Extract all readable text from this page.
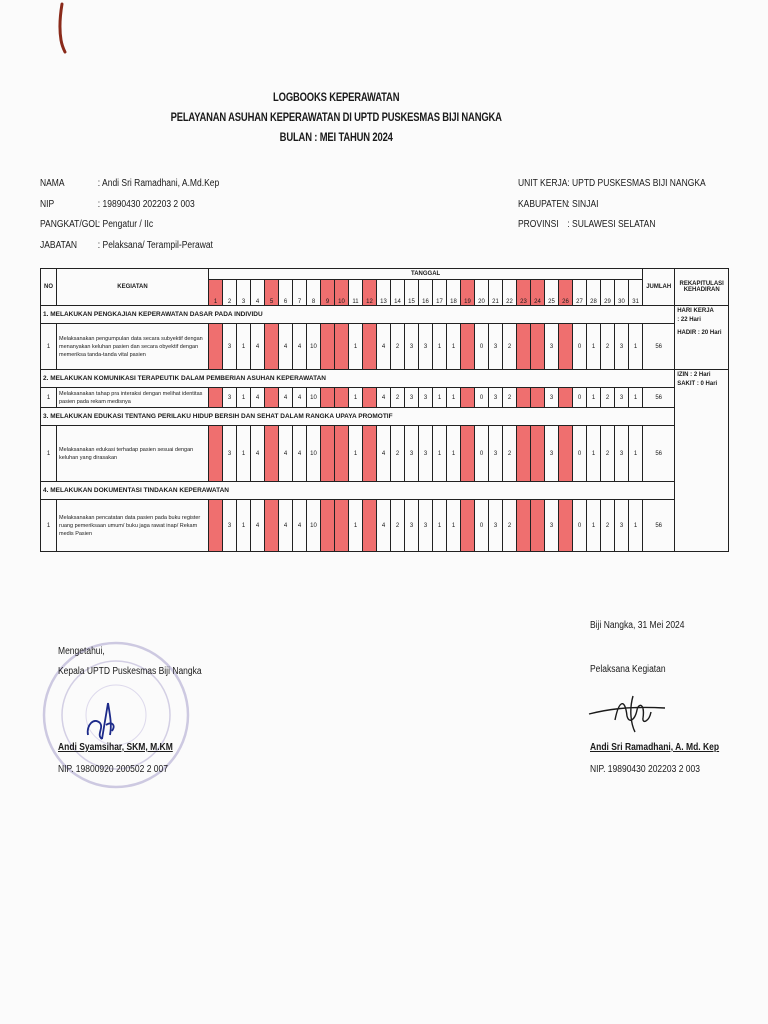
LOGBOOKS KEPERAWATAN
PELAYANAN ASUHAN KEPERAWATAN DI UPTD PUSKESMAS BIJI NANGKA
BULAN : MEI TAHUN 2024
NAMA	: Andi Sri Ramadhani, A.Md.Kep
NIP	: 19890430 202203 2 003
PANGKAT/GOL: Pengatur / IIc
JABATAN : Pelaksana/ Terampil-Perawat
UNIT KERJA: UPTD PUSKESMAS BIJI NANGKA
KABUPATEN: SINJAI
PROVINSI : SULAWESI SELATAN
NO	KEGIATAN	TANGGAL																															JUMLAH	REKAPITULASI KEHADIRAN
		1	2	3	4	5	6	7	8	9	10	11	12	13	14	15	16	17	18	19	20	21	22	23	24	25	26	27	28	29	30	31		
1. MELAKUKAN PENGKAJIAN KEPERAWATAN DASAR PADA INDIVIDU																																		HARI KERJA
: 22 Hari
HADIR : 20 Hari

1	Melaksanakan pengumpulan data secara subyektif dengan menanyakan keluhan pasien dan secara obyektif dengan memeriksa tanda-tanda vital pasien		3	1	4		4	4	10			1		4	2	3	3	1	1		0	3	2			3		0	1	2	3	1	56	
2. MELAKUKAN KOMUNIKASI TERAPEUTIK DALAM PEMBERIAN ASUHAN KEPERAWATAN																																		IZIN : 2 Hari
SAKIT : 0 Hari

1	Melaksanakan tahap pra interaksi dengan melihat identitas pasien pada rekam medisnya		3	1	4		4	4	10			1		4	2	3	3	1	1		0	3	2			3		0	1	2	3	1	56	
3. MELAKUKAN EDUKASI TENTANG PERILAKU HIDUP BERSIH DAN SEHAT DALAM RANGKA UPAYA PROMOTIF																																		
1	Melaksanakan edukasi terhadap pasien sesuai dengan keluhan yang dirasakan		3	1	4		4	4	10			1		4	2	3	3	1	1		0	3	2			3		0	1	2	3	1	56	
4. MELAKUKAN DOKUMENTASI TINDAKAN KEPERAWATAN																																		
1	Melaksanakan pencatatan data pasien pada buku register ruang pemeriksaan umum/ buku jaga rawat inap/ Rekam medis Pasien		3	1	4		4	4	10			1		4	2	3	3	1	1		0	3	2			3		0	1	2	3	1	56	
Mengetahui,
Kepala UPTD Puskesmas Biji Nangka
Andi Syamsihar, SKM, M.KM
NIP. 19800920 200502 2 007
Biji Nangka, 31 Mei 2024
Pelaksana Kegiatan
Andi Sri Ramadhani, A. Md. Kep
NIP. 19890430 202203 2 003
